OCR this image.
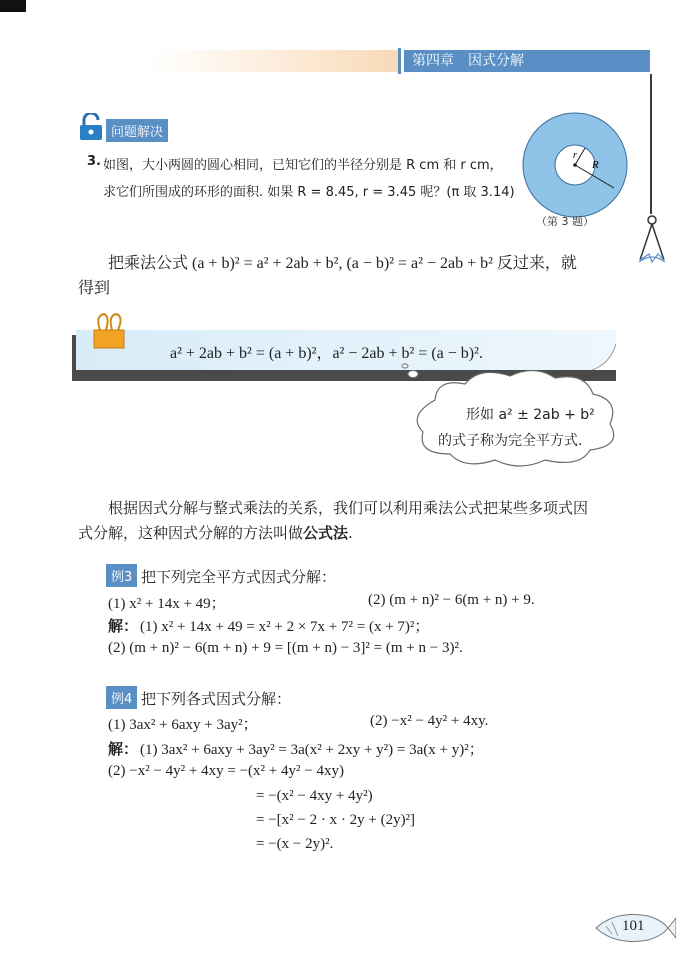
第四章　因式分解
问题解决
3. 如图，大小两圆的圆心相同，已知它们的半径分别是 R cm 和 r cm，
求它们所围成的环形的面积. 如果 R = 8.45, r = 3.45 呢？(π 取 3.14)
r
R
（第 3 题）
把乘法公式 (a + b)² = a² + 2ab + b², (a − b)² = a² − 2ab + b² 反过来，就
得到
a² + 2ab + b² = (a + b)²，a² − 2ab + b² = (a − b)².
形如 a² ± 2ab + b²
的式子称为完全平方式.
根据因式分解与整式乘法的关系，我们可以利用乘法公式把某些多项式因
式分解，这种因式分解的方法叫做公式法.
例3 把下列完全平方式因式分解：
(1) x² + 14x + 49；	(2) (m + n)² − 6(m + n) + 9.
解： (1) x² + 14x + 49 = x² + 2 × 7x + 7² = (x + 7)²；
(2) (m + n)² − 6(m + n) + 9 = [(m + n) − 3]² = (m + n − 3)².
例4 把下列各式因式分解：
(1) 3ax² + 6axy + 3ay²；	(2) −x² − 4y² + 4xy.
解： (1) 3ax² + 6axy + 3ay² = 3a(x² + 2xy + y²) = 3a(x + y)²；
(2) −x² − 4y² + 4xy = −(x² + 4y² − 4xy)
= −(x² − 4xy + 4y²)
= −[x² − 2 · x · 2y + (2y)²]
= −(x − 2y)².
101
